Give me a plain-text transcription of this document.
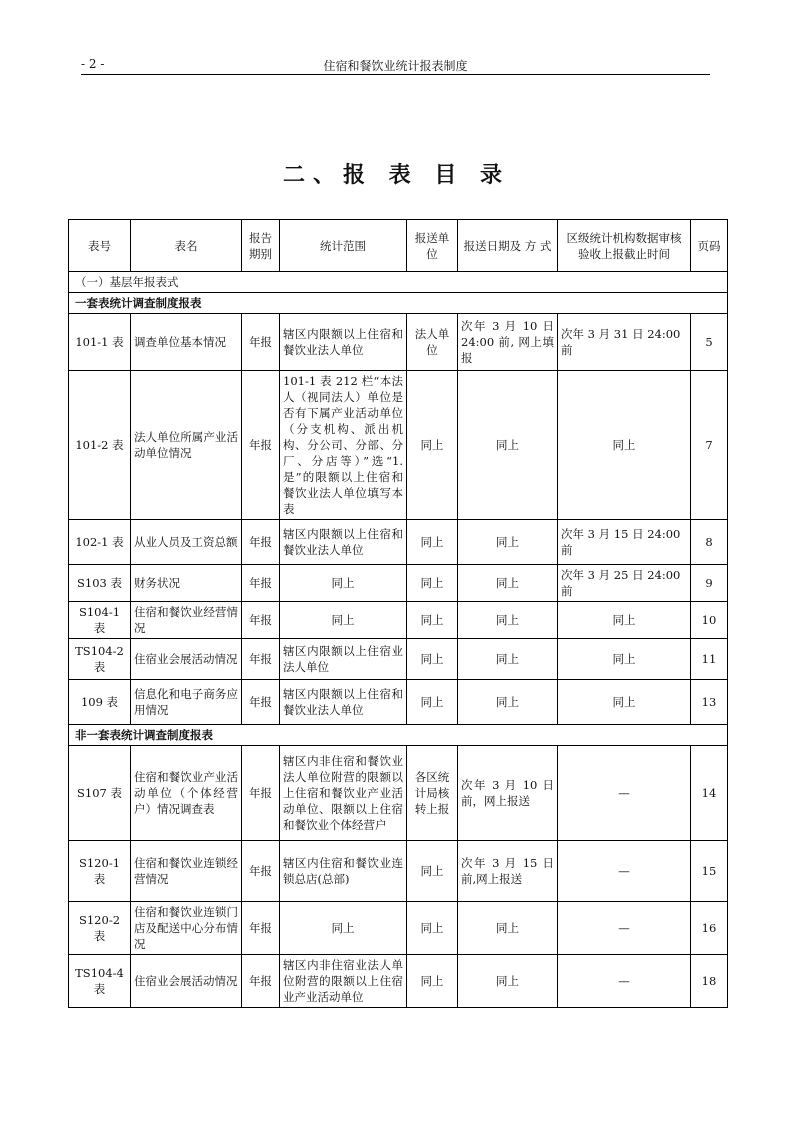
- 2 -	住宿和餐饮业统计报表制度
二、报 表 目 录
表号	表名	报告期别	统计范围	报送单位	报送日期及 方 式	区级统计机构数据审核验收上报截止时间	页码
（一）基层年报表式							
一套表统计调查制度报表							
101-1 表	调查单位基本情况	年报	辖区内限额以上住宿和餐饮业法人单位	法人单位	次年 3 月 10 日 24:00 前, 网上填报	次年 3 月 31 日 24:00 前	5
101-2 表	法人单位所属产业活动单位情况	年报	101-1 表 212 栏“本法人（视同法人）单位是否有下属产业活动单位（分支机构、派出机构、分公司、分部、分厂、分店等）”选“1.是”的限额以上住宿和餐饮业法人单位填写本表	同上	同上	同上	7
102-1 表	从业人员及工资总额	年报	辖区内限额以上住宿和餐饮业法人单位	同上	同上	次年 3 月 15 日 24:00 前	8
S103 表	财务状况	年报	同上	同上	同上	次年 3 月 25 日 24:00 前	9
S104-1 表	住宿和餐饮业经营情况	年报	同上	同上	同上	同上	10
TS104-2 表	住宿业会展活动情况	年报	辖区内限额以上住宿业法人单位	同上	同上	同上	11
109 表	信息化和电子商务应用情况	年报	辖区内限额以上住宿和餐饮业法人单位	同上	同上	同上	13
非一套表统计调查制度报表							
S107 表	住宿和餐饮业产业活动单位（个体经营户）情况调查表	年报	辖区内非住宿和餐饮业法人单位附营的限额以上住宿和餐饮业产业活动单位、限额以上住宿和餐饮业个体经营户	各区统计局核转上报	次年 3 月 10 日前，网上报送	—	14
S120-1 表	住宿和餐饮业连锁经营情况	年报	辖区内住宿和餐饮业连锁总店(总部)	同上	次年 3 月 15 日前,网上报送	—	15
S120-2 表	住宿和餐饮业连锁门店及配送中心分布情况	年报	同上	同上	同上	—	16
TS104-4 表	住宿业会展活动情况	年报	辖区内非住宿业法人单位附营的限额以上住宿业产业活动单位	同上	同上	—	18
